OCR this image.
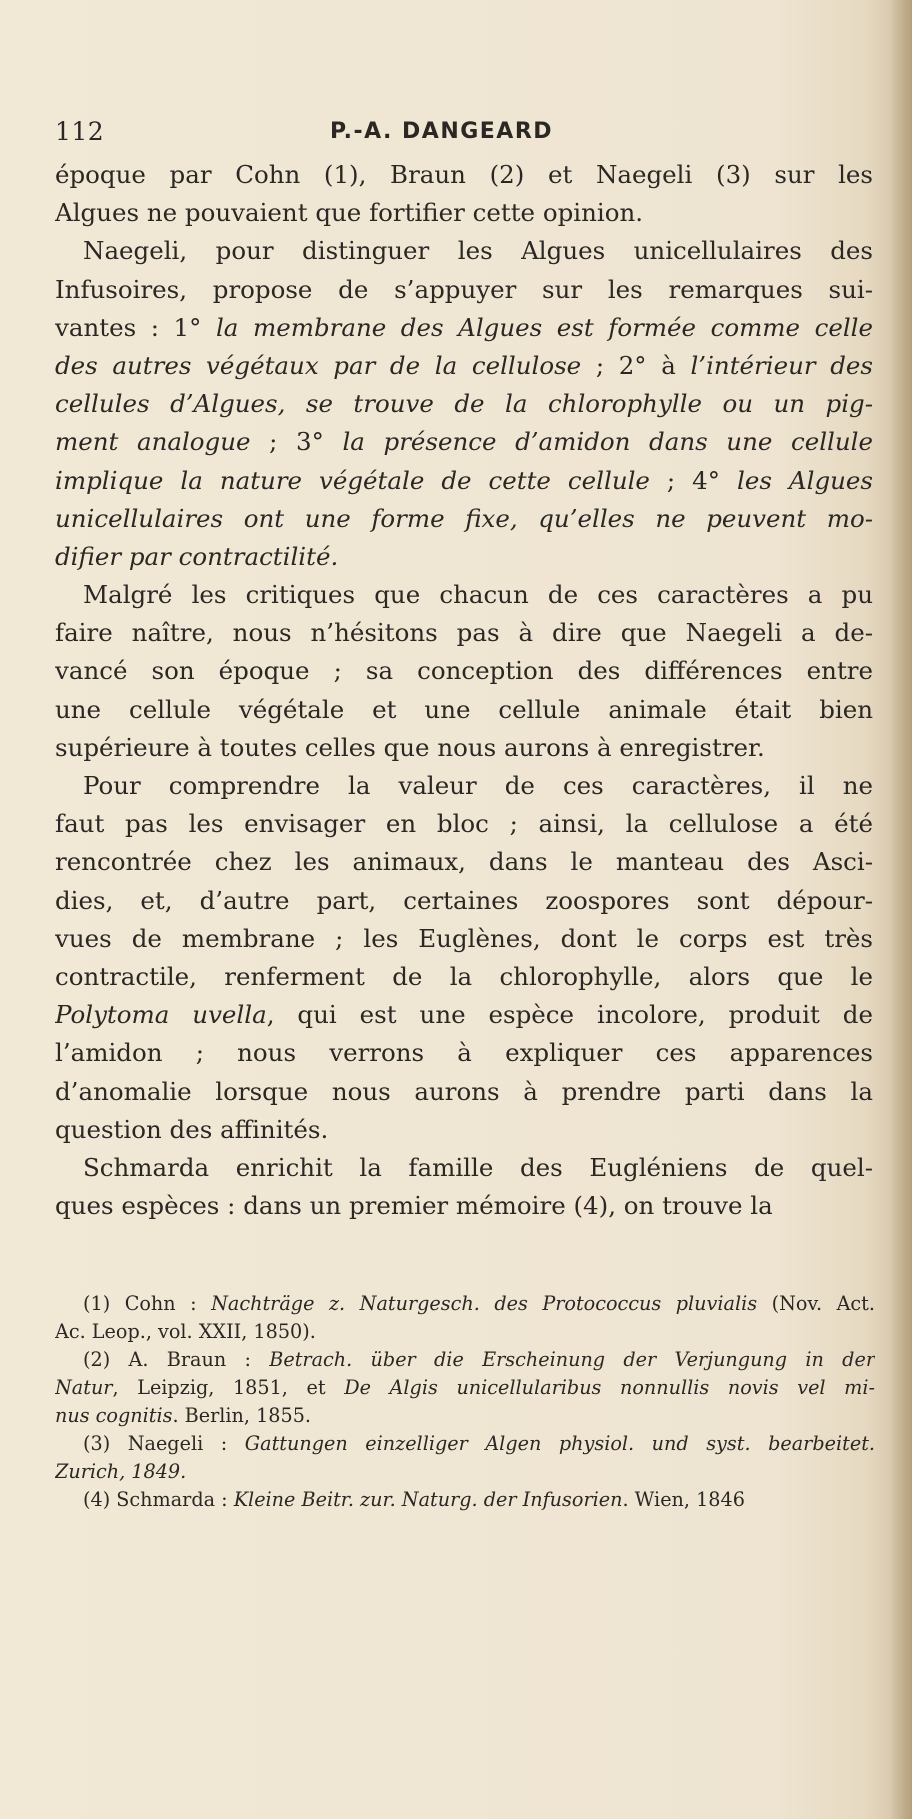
112	P.-A. DANGEARD
époque par Cohn (1), Braun (2) et Naegeli (3) sur les
Algues ne pouvaient que fortifier cette opinion.
Naegeli, pour distinguer les Algues unicellulaires des
Infusoires, propose de s’appuyer sur les remarques sui-
vantes : 1° la membrane des Algues est formée comme celle
des autres végétaux par de la cellulose ; 2° à l’intérieur des
cellules d’Algues, se trouve de la chlorophylle ou un pig-
ment analogue ; 3° la présence d’amidon dans une cellule
implique la nature végétale de cette cellule ; 4° les Algues
unicellulaires ont une forme fixe, qu’elles ne peuvent mo-
difier par contractilité.
Malgré les critiques que chacun de ces caractères a pu
faire naître, nous n’hésitons pas à dire que Naegeli a de-
vancé son époque ; sa conception des différences entre
une cellule végétale et une cellule animale était bien
supérieure à toutes celles que nous aurons à enregistrer.
Pour comprendre la valeur de ces caractères, il ne
faut pas les envisager en bloc ; ainsi, la cellulose a été
rencontrée chez les animaux, dans le manteau des Asci-
dies, et, d’autre part, certaines zoospores sont dépour-
vues de membrane ; les Euglènes, dont le corps est très
contractile, renferment de la chlorophylle, alors que le
Polytoma uvella, qui est une espèce incolore, produit de
l’amidon ; nous verrons à expliquer ces apparences
d’anomalie lorsque nous aurons à prendre parti dans la
question des affinités.
Schmarda enrichit la famille des Eugléniens de quel-
ques espèces : dans un premier mémoire (4), on trouve la
(1) Cohn : Nachträge z. Naturgesch. des Protococcus pluvialis (Nov. Act.
Ac. Leop., vol. XXII, 1850).
(2) A. Braun : Betrach. über die Erscheinung der Verjungung in der
Natur, Leipzig, 1851, et De Algis unicellularibus nonnullis novis vel mi-
nus cognitis. Berlin, 1855.
(3) Naegeli : Gattungen einzelliger Algen physiol. und syst. bearbeitet.
Zurich, 1849.
(4) Schmarda : Kleine Beitr. zur. Naturg. der Infusorien. Wien, 1846
